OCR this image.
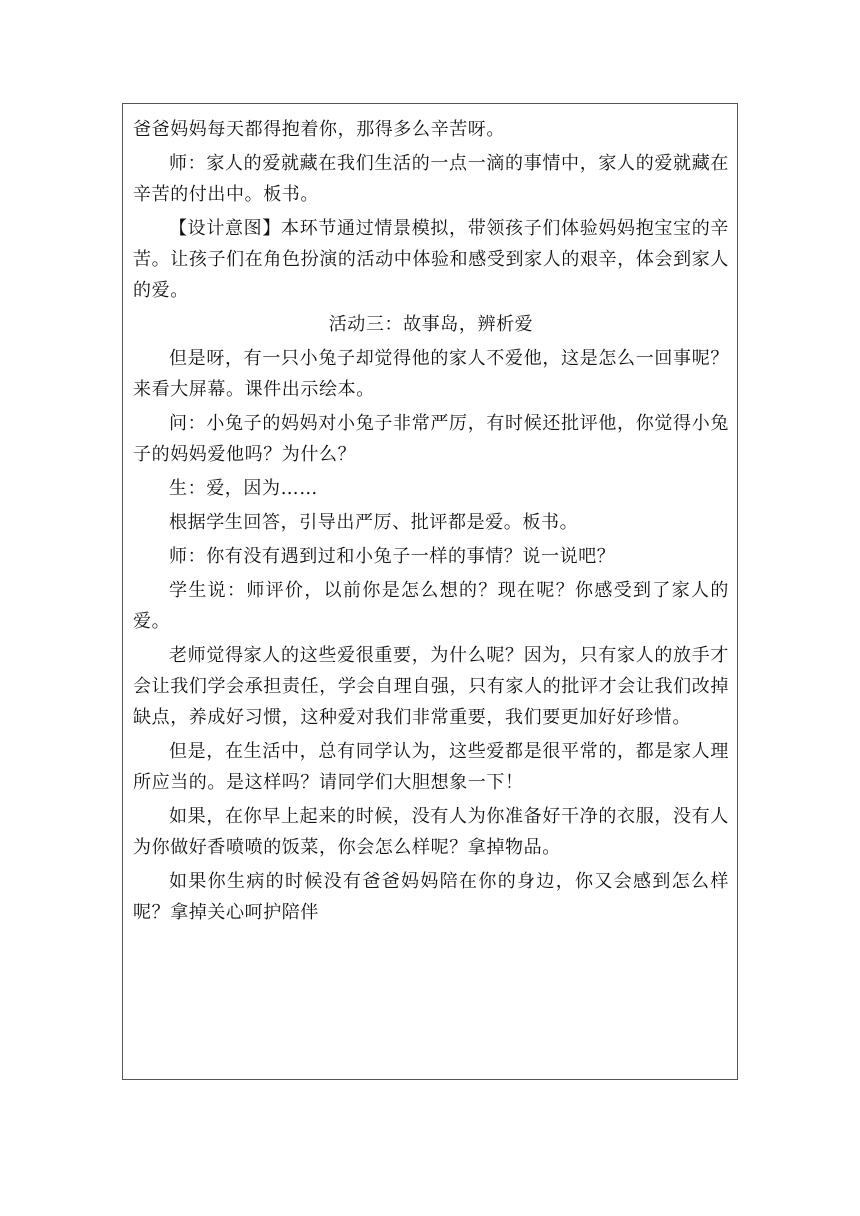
爸爸妈妈每天都得抱着你，那得多么辛苦呀。

师：家人的爱就藏在我们生活的一点一滴的事情中，家人的爱就藏在辛苦的付出中。板书。

【设计意图】本环节通过情景模拟，带领孩子们体验妈妈抱宝宝的辛苦。让孩子们在角色扮演的活动中体验和感受到家人的艰辛，体会到家人的爱。

活动三：故事岛，辨析爱

但是呀，有一只小兔子却觉得他的家人不爱他，这是怎么一回事呢？来看大屏幕。课件出示绘本。

问：小兔子的妈妈对小兔子非常严厉，有时候还批评他，你觉得小兔子的妈妈爱他吗？为什么？

生：爱，因为……

根据学生回答，引导出严厉、批评都是爱。板书。

师：你有没有遇到过和小兔子一样的事情？说一说吧？

学生说：师评价，以前你是怎么想的？现在呢？你感受到了家人的爱。

老师觉得家人的这些爱很重要，为什么呢？因为，只有家人的放手才会让我们学会承担责任，学会自理自强，只有家人的批评才会让我们改掉缺点，养成好习惯，这种爱对我们非常重要，我们要更加好好珍惜。

但是，在生活中，总有同学认为，这些爱都是很平常的，都是家人理所应当的。是这样吗？请同学们大胆想象一下！

如果，在你早上起来的时候，没有人为你准备好干净的衣服，没有人为你做好香喷喷的饭菜，你会怎么样呢？拿掉物品。

如果你生病的时候没有爸爸妈妈陪在你的身边，你又会感到怎么样呢？拿掉关心呵护陪伴
